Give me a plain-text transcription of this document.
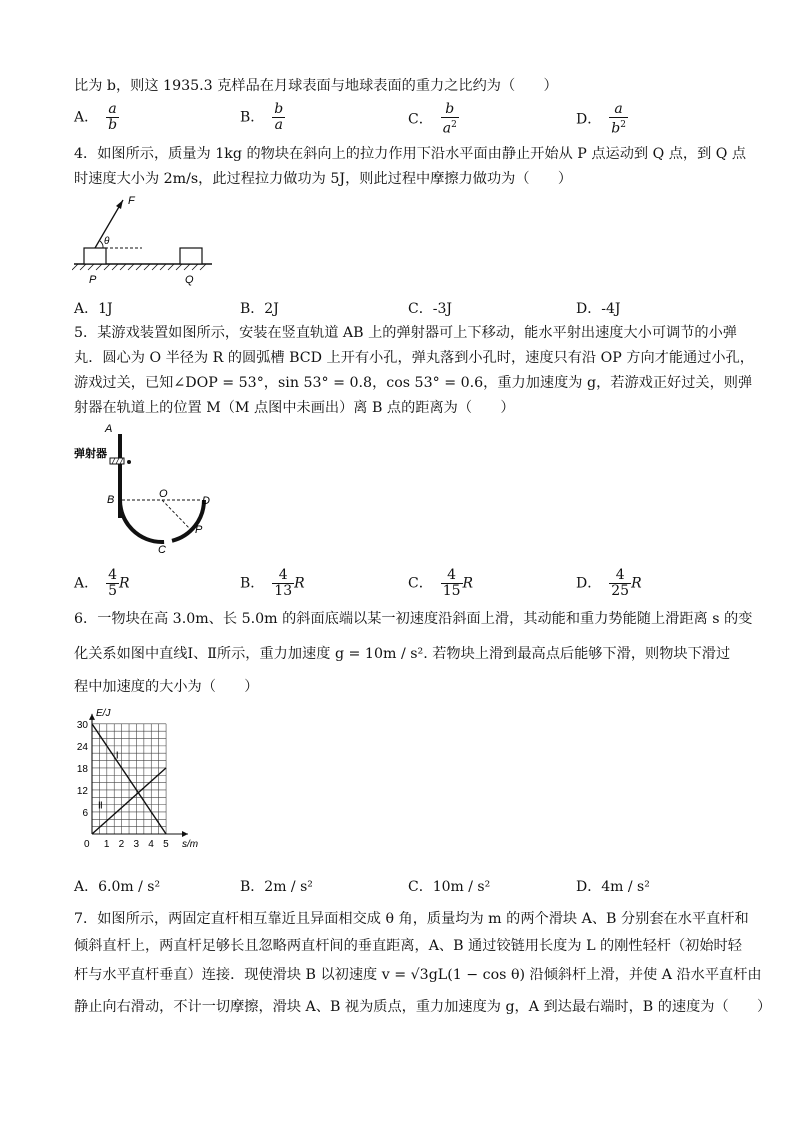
比为 b，则这 1935.3 克样品在月球表面与地球表面的重力之比约为（　　）
A． $\frac{a}{b}$	B． $\frac{b}{a}$	C． $\frac{b}{a^2}$	D． $\frac{a}{b^2}$
4．如图所示，质量为 1kg 的物块在斜向上的拉力作用下沿水平面由静止开始从 P 点运动到 Q 点，到 Q 点
时速度大小为 2m/s，此过程拉力做功为 5J，则此过程中摩擦力做功为（　　）
F
θ
P	Q
A．1J	B．2J	C．-3J	D．-4J
5．某游戏装置如图所示，安装在竖直轨道 AB 上的弹射器可上下移动，能水平射出速度大小可调节的小弹
丸．圆心为 O 半径为 R 的圆弧槽 BCD 上开有小孔，弹丸落到小孔时，速度只有沿 OP 方向才能通过小孔，
游戏过关，已知∠DOP = 53°，sin 53° = 0.8，cos 53° = 0.6，重力加速度为 g，若游戏正好过关，则弹
射器在轨道上的位置 M（M 点图中未画出）离 B 点的距离为（　　）
A
弹射器
B	O
D
P
C
A． $\frac{4}{5}$ R	B． $\frac{4}{13}$ R	C． $\frac{4}{15}$ R	D． $\frac{4}{25}$ R
6．一物块在高 3.0m、长 5.0m 的斜面底端以某一初速度沿斜面上滑，其动能和重力势能随上滑距离 s 的变
化关系如图中直线Ⅰ、Ⅱ所示，重力加速度 g = 10m / s². 若物块上滑到最高点后能够下滑，则物块下滑过
程中加速度的大小为（　　）
E/J
s/m
Ⅰ
Ⅱ
0 1 2 3 4 5
6
12
18
24
30
A．6.0m / s²	B．2m / s²	C．10m / s²	D．4m / s²
7．如图所示，两固定直杆相互靠近且异面相交成 θ 角，质量均为 m 的两个滑块 A、B 分别套在水平直杆和
倾斜直杆上，两直杆足够长且忽略两直杆间的垂直距离，A、B 通过铰链用长度为 L 的刚性轻杆（初始时轻
杆与水平直杆垂直）连接．现使滑块 B 以初速度 v = √3gL(1 − cos θ) 沿倾斜杆上滑，并使 A 沿水平直杆由
静止向右滑动，不计一切摩擦，滑块 A、B 视为质点，重力加速度为 g，A 到达最右端时，B 的速度为（　　）
